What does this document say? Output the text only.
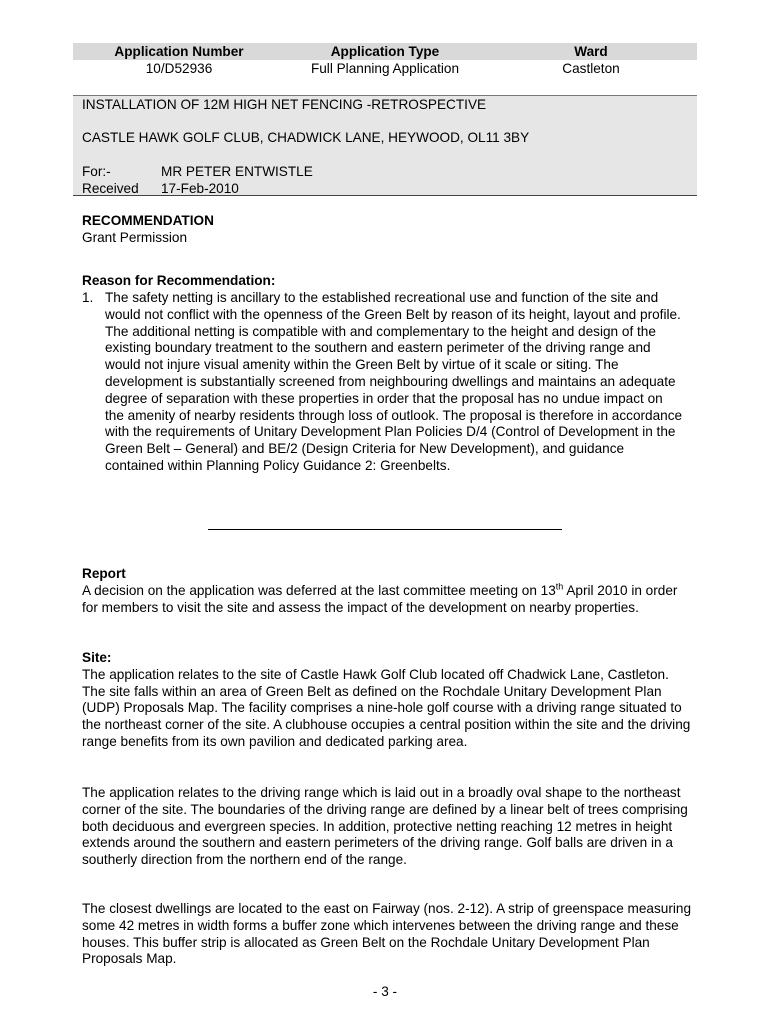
Application Number	Application Type	Ward
10/D52936	Full Planning Application	Castleton
INSTALLATION OF 12M HIGH NET FENCING -RETROSPECTIVE
CASTLE HAWK GOLF CLUB, CHADWICK LANE, HEYWOOD, OL11 3BY
For:-	MR PETER ENTWISTLE
Received 17-Feb-2010

RECOMMENDATION

Grant Permission

Reason for Recommendation:
1. The safety netting is ancillary to the established recreational use and function of the site and would not conflict with the openness of the Green Belt by reason of its height, layout and profile. The additional netting is compatible with and complementary to the height and design of the existing boundary treatment to the southern and eastern perimeter of the driving range and would not injure visual amenity within the Green Belt by virtue of it scale or siting. The development is substantially screened from neighbouring dwellings and maintains an adequate degree of separation with these properties in order that the proposal has no undue impact on the amenity of nearby residents through loss of outlook. The proposal is therefore in accordance with the requirements of Unitary Development Plan Policies D/4 (Control of Development in the Green Belt – General) and BE/2 (Design Criteria for New Development), and guidance contained within Planning Policy Guidance 2: Greenbelts.

Report

A decision on the application was deferred at the last committee meeting on 13th April 2010 in order for members to visit the site and assess the impact of the development on nearby properties.

Site:

The application relates to the site of Castle Hawk Golf Club located off Chadwick Lane, Castleton. The site falls within an area of Green Belt as defined on the Rochdale Unitary Development Plan (UDP) Proposals Map. The facility comprises a nine-hole golf course with a driving range situated to the northeast corner of the site. A clubhouse occupies a central position within the site and the driving range benefits from its own pavilion and dedicated parking area.

The application relates to the driving range which is laid out in a broadly oval shape to the northeast corner of the site. The boundaries of the driving range are defined by a linear belt of trees comprising both deciduous and evergreen species. In addition, protective netting reaching 12 metres in height extends around the southern and eastern perimeters of the driving range. Golf balls are driven in a southerly direction from the northern end of the range.
The closest dwellings are located to the east on Fairway (nos. 2-12). A strip of greenspace measuring some 42 metres in width forms a buffer zone which intervenes between the driving range and these houses. This buffer strip is allocated as Green Belt on the Rochdale Unitary Development Plan Proposals Map.
- 3 -
